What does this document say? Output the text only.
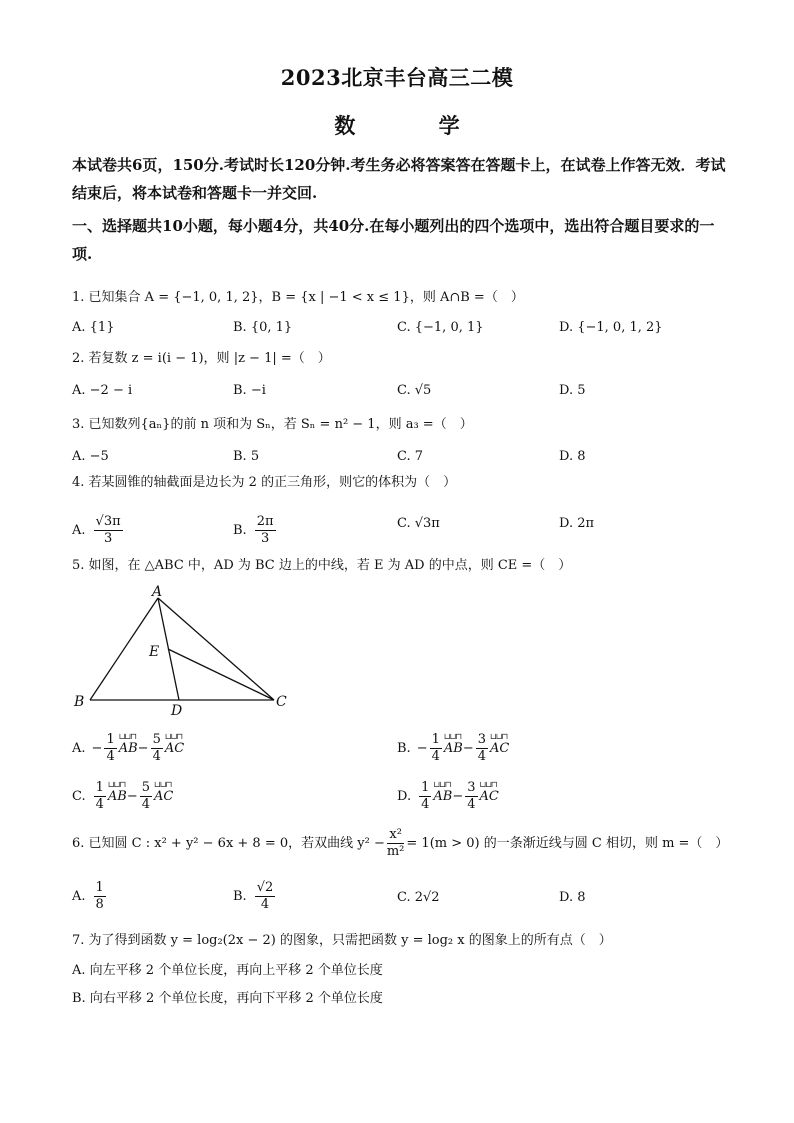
2023北京丰台高三二模
数 学
本试卷共6页，150分.考试时长120分钟.考生务必将答案答在答题卡上，在试卷上作答无效．考试结束后，将本试卷和答题卡一并交回.
一、选择题共10小题，每小题4分，共40分.在每小题列出的四个选项中，选出符合题目要求的一项.
1. 已知集合 A = {−1, 0, 1, 2}，B = {x | −1 < x ≤ 1}，则 A∩B =（　）
A. {1}	B. {0, 1}	C. {−1, 0, 1}	D. {−1, 0, 1, 2}
2. 若复数 z = i(i − 1)，则 |z − 1| =（　）
A. −2 − i	B. −i	C. √5	D. 5
3. 已知数列{aₙ}的前 n 项和为 Sₙ，若 Sₙ = n² − 1，则 a₃ =（　）
A. −5	B. 5	C. 7	D. 8
4. 若某圆锥的轴截面是边长为 2 的正三角形，则它的体积为（　）
A. $\frac{√3\pi}{3}$	B. $\frac{2\pi}{3}$	C. √3π	D. 2π
5. 如图，在 △ABC 中，AD 为 BC 边上的中线，若 E 为 AD 的中点，则 CE =（　）
A
E
B
D
C
A. − $\frac{1}{4}$ ⊔⊔⊓ $AB- \frac{5}{4}$ ⊔⊔⊓ AC	B. − $\frac{1}{4}$ ⊔⊔⊓ $AB- \frac{3}{4}$ ⊔⊔⊓ AC
C. $\frac{1}{4}$ ⊔⊔⊓ $AB- \frac{5}{4}$ ⊔⊔⊓ AC	D. $\frac{1}{4}$ ⊔⊔⊓ $AB- \frac{3}{4}$ ⊔⊔⊓ AC
6. 已知圆 C : x² + y² − 6x + 8 = 0，若双曲线 $y^2 - \frac{\text{x²}}{\text{m²}} = 1(m > 0)$ 的一条渐近线与圆 C 相切，则 m =（　）
A. $\frac{1}{8}$	B. $\frac{√2}{4}$	C. 2√2	D. 8
7. 为了得到函数 y = log₂(2x − 2) 的图象，只需把函数 y = log₂ x 的图象上的所有点（　）
A. 向左平移 2 个单位长度，再向上平移 2 个单位长度
B. 向右平移 2 个单位长度，再向下平移 2 个单位长度
